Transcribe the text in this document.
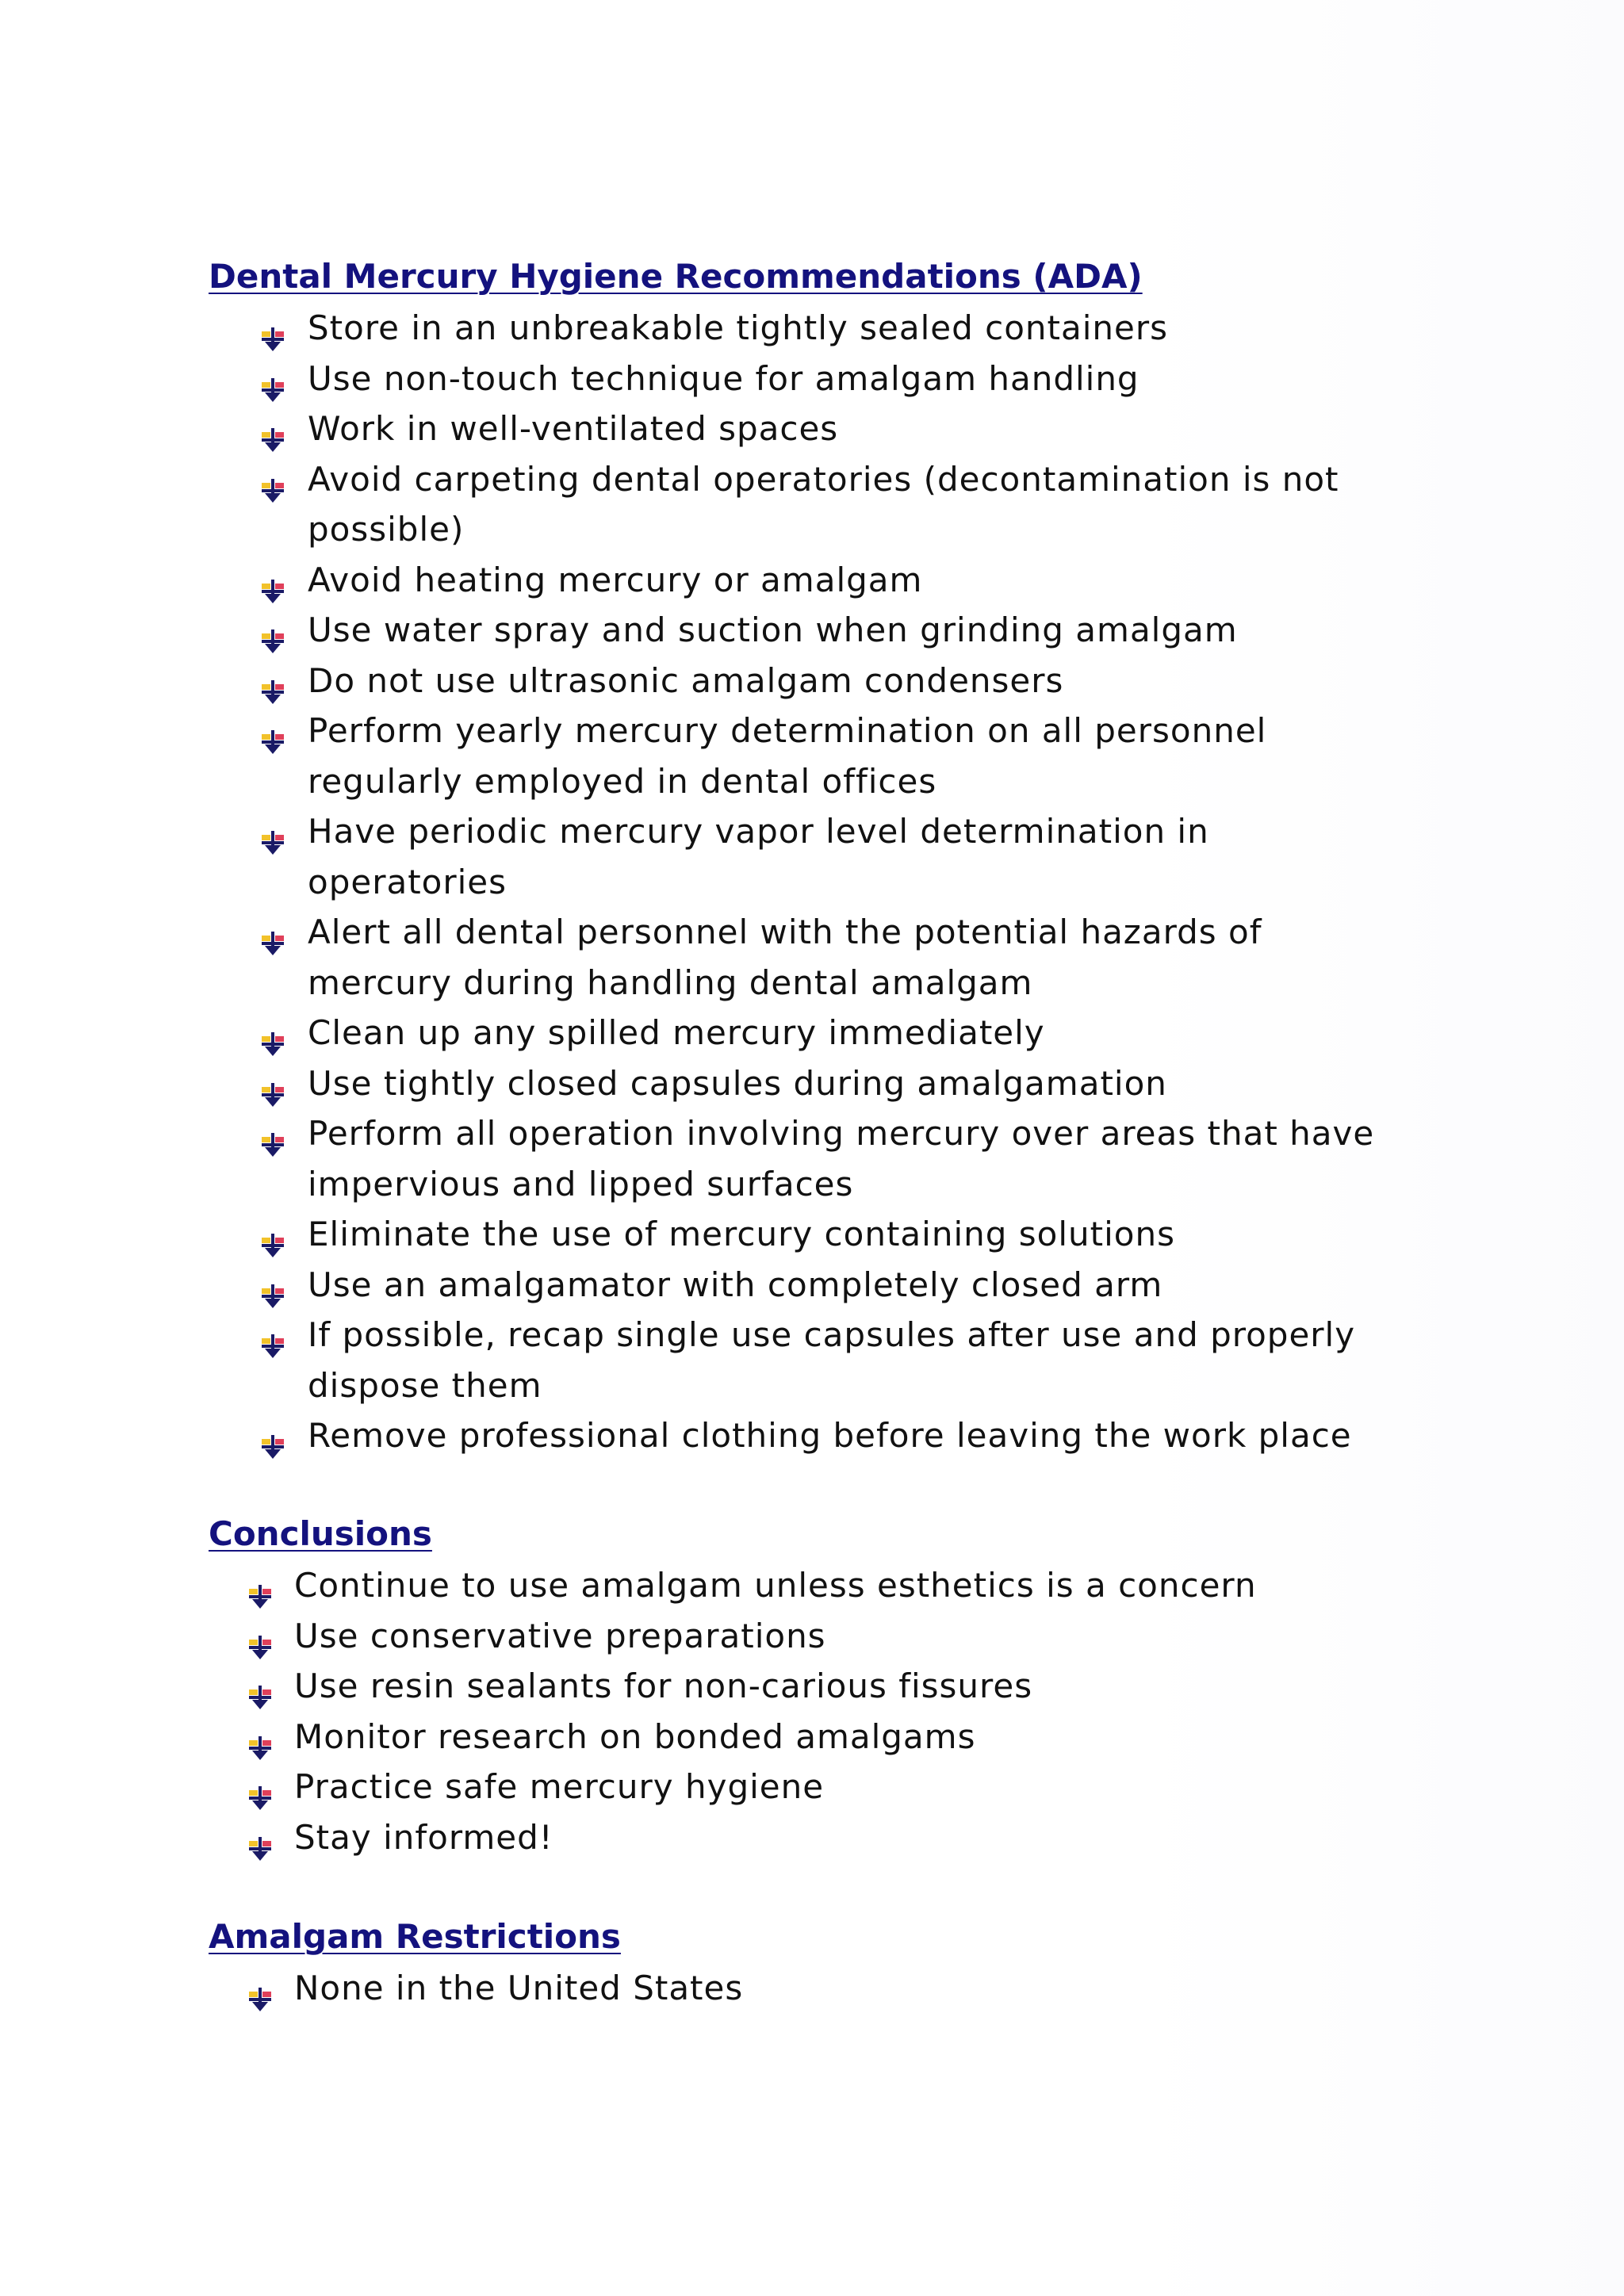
Dental Mercury Hygiene Recommendations (ADA)
Store in an unbreakable tightly sealed containers
Use non-touch technique for amalgam handling
Work in well-ventilated spaces
Avoid carpeting dental operatories (decontamination is not possible)
Avoid heating mercury or amalgam
Use water spray and suction when grinding amalgam
Do not use ultrasonic amalgam condensers
Perform yearly mercury determination on all personnel regularly employed in dental offices
Have periodic mercury vapor level determination in operatories
Alert all dental personnel with the potential hazards of mercury during handling dental amalgam
Clean up any spilled mercury immediately
Use tightly closed capsules during amalgamation
Perform all operation involving mercury over areas that have impervious and lipped surfaces
Eliminate the use of mercury containing solutions
Use an amalgamator with completely closed arm
If possible, recap single use capsules after use and properly dispose them
Remove professional clothing before leaving the work place
Conclusions
Continue to use amalgam unless esthetics is a concern
Use conservative preparations
Use resin sealants for non-carious fissures
Monitor research on bonded amalgams
Practice safe mercury hygiene
Stay informed!
Amalgam Restrictions
None in the United States
